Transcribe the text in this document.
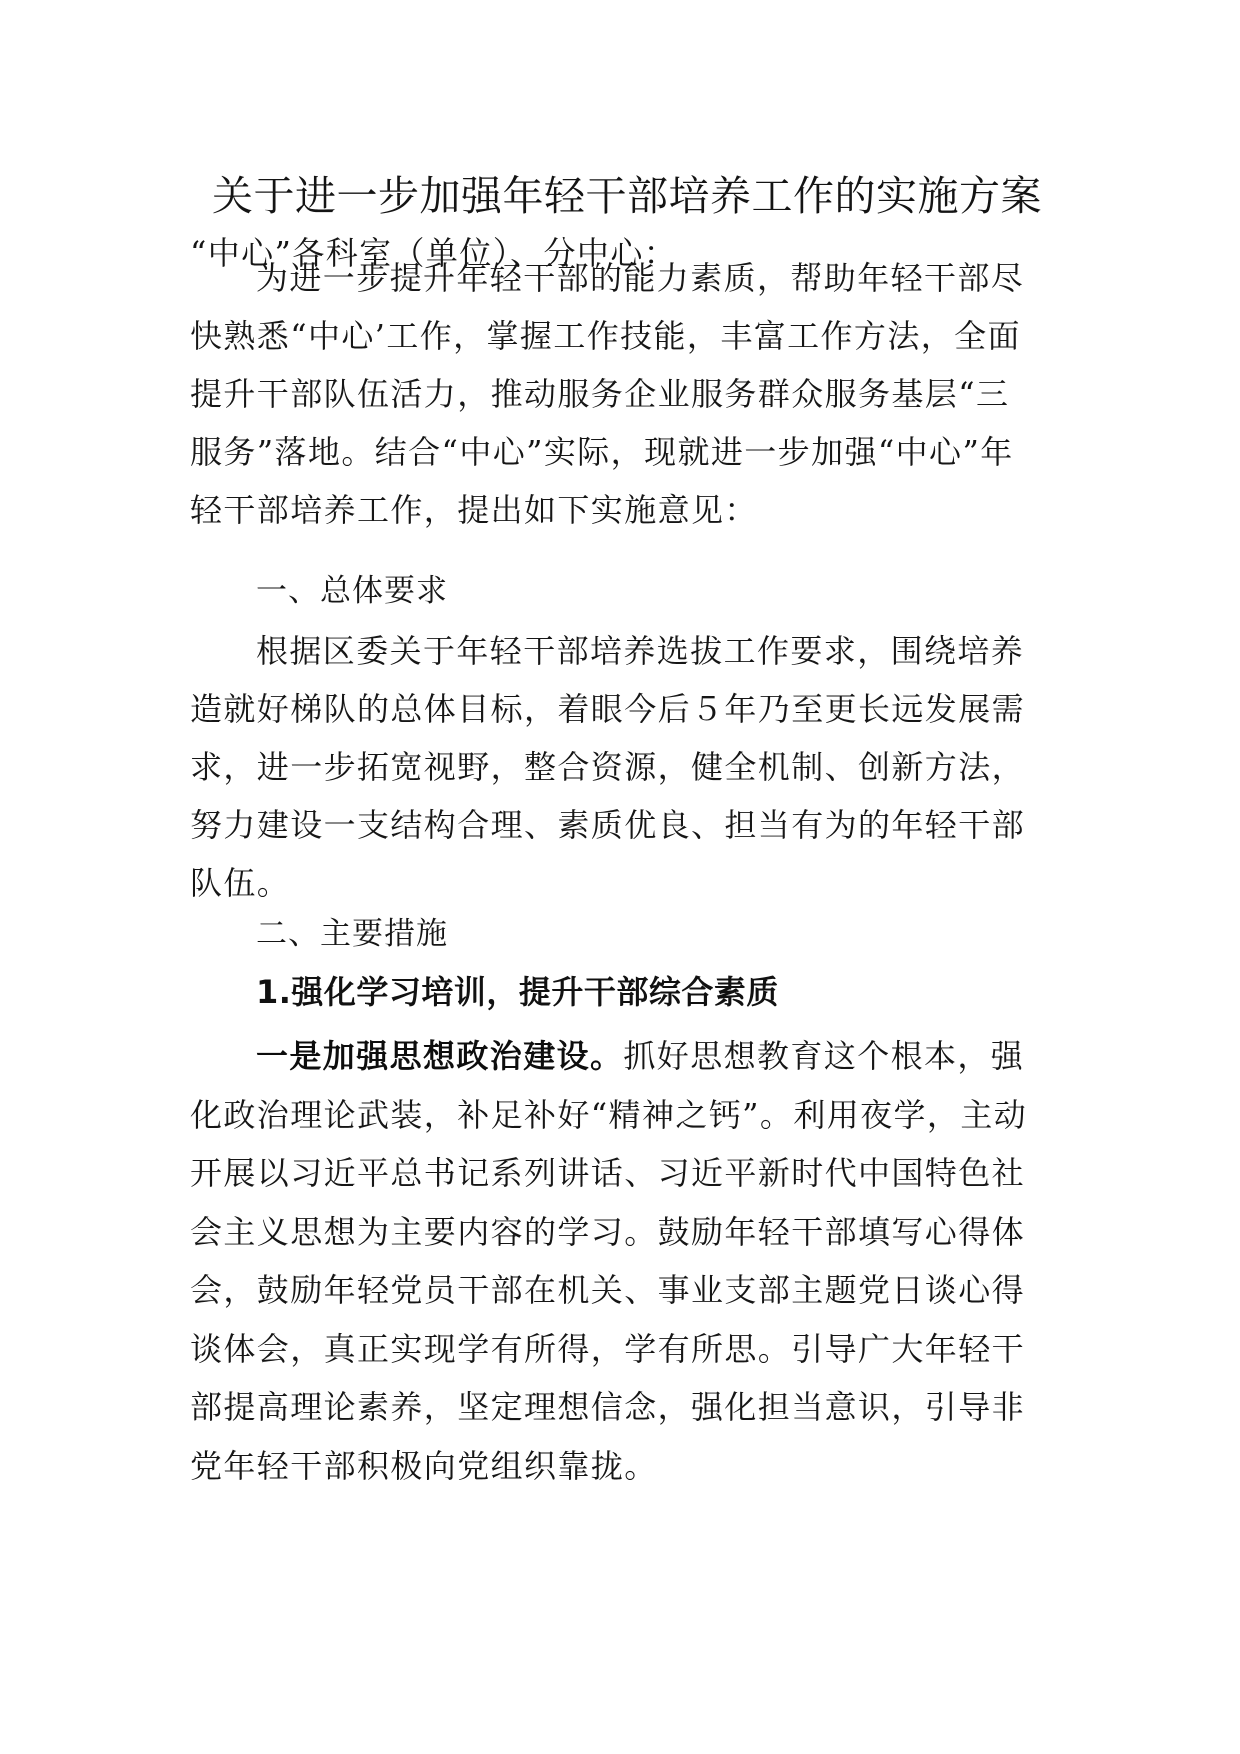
关于进一步加强年轻干部培养工作的实施方案
“中心”各科室（单位）、分中心：
为进一步提升年轻干部的能力素质，帮助年轻干部尽快熟悉“中心’工作，掌握工作技能，丰富工作方法，全面提升干部队伍活力，推动服务企业服务群众服务基层“三服务”落地。结合“中心”实际，现就进一步加强“中心”年轻干部培养工作，提出如下实施意见：
一、总体要求
根据区委关于年轻干部培养选拔工作要求，围绕培养造就好梯队的总体目标，着眼今后５年乃至更长远发展需求，进一步拓宽视野，整合资源，健全机制、创新方法，努力建设一支结构合理、素质优良、担当有为的年轻干部队伍。
二、主要措施
1.强化学习培训，提升干部综合素质
一是加强思想政治建设。抓好思想教育这个根本，强化政治理论武装，补足补好“精神之钙”。利用夜学，主动开展以习近平总书记系列讲话、习近平新时代中国特色社会主义思想为主要内容的学习。鼓励年轻干部填写心得体会，鼓励年轻党员干部在机关、事业支部主题党日谈心得谈体会，真正实现学有所得，学有所思。引导广大年轻干部提高理论素养，坚定理想信念，强化担当意识，引导非党年轻干部积极向党组织靠拢。
